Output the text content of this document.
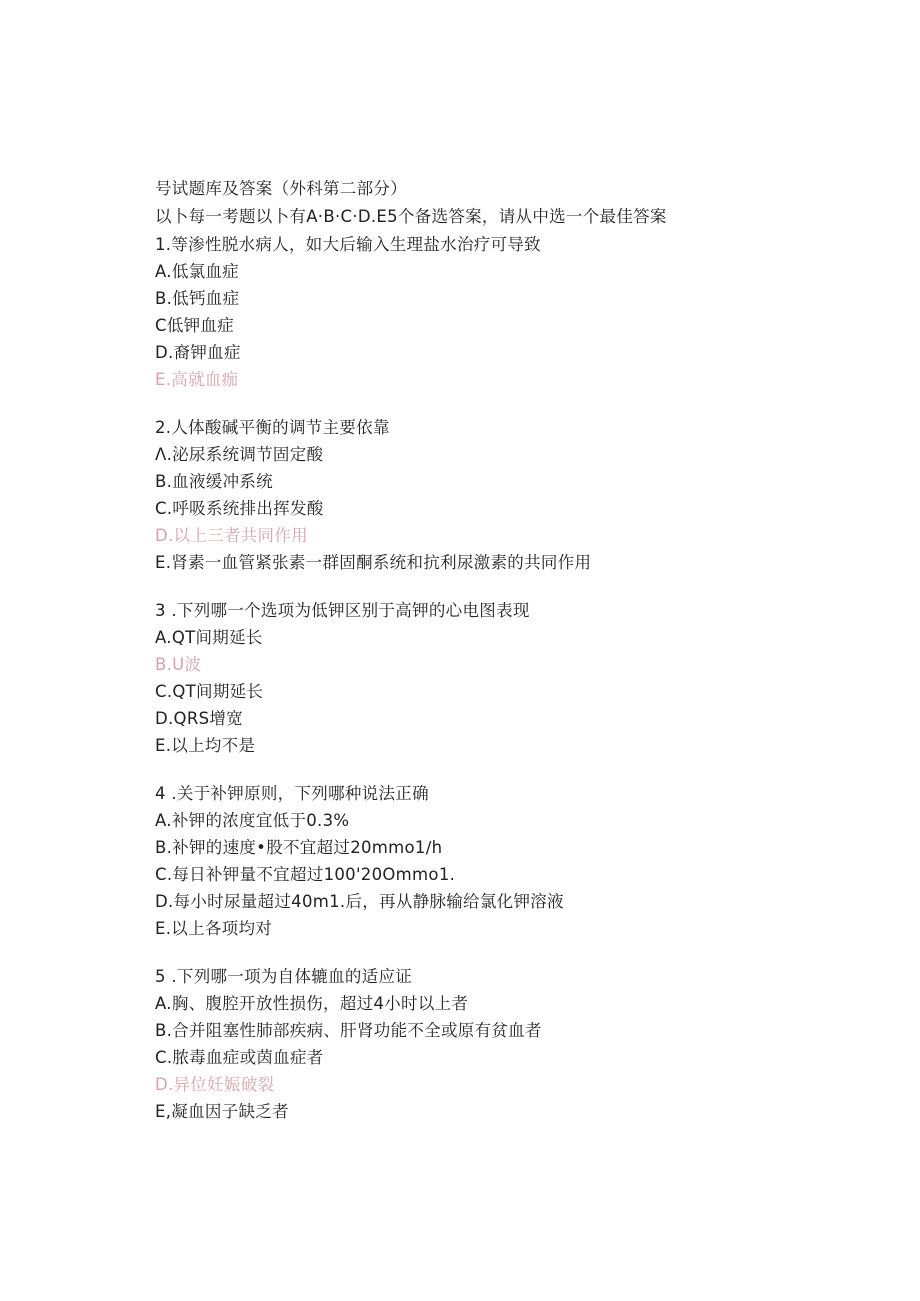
号试题库及答案（外科第二部分）
以卜每一考题以卜有A·B·C·D.E5个备选答案，请从中选一个最佳答案
1.等渗性脱水病人，如大后输入生理盐水治疗可导致
A.低氯血症
B.低钙血症
C低钾血症
D.裔钾血症
E.高就血痂
2.人体酸碱平衡的调节主要依靠
Λ.泌尿系统调节固定酸
B.血液缓冲系统
C.呼吸系统排出挥发酸
D.以上三者共同作用
E.肾素一血管紧张素一群固酮系统和抗利尿激素的共同作用
3 .下列哪一个选项为低钾区别于高钾的心电图表现
A.QT间期延长
B.U波
C.QT间期延长
D.QRS增宽
E.以上均不是
4 .关于补钾原则，下列哪种说法正确
A.补钾的浓度宜低于0.3%
B.补钾的速度•股不宜超过20mmo1∕h
C.每日补钾量不宜超过100'20Ommo1.
D.每小时尿量超过40m1.后，再从静脉输给氯化钾溶液
E.以上各项均对
5 .下列哪一项为自体辘血的适应证
A.胸、腹腔开放性损伤，超过4小时以上者
B.合并阻塞性肺部疾病、肝肾功能不全或原有贫血者
C.脓毒血症或茵血症者
D.异位妊娠破裂
E,凝血因子缺乏者
